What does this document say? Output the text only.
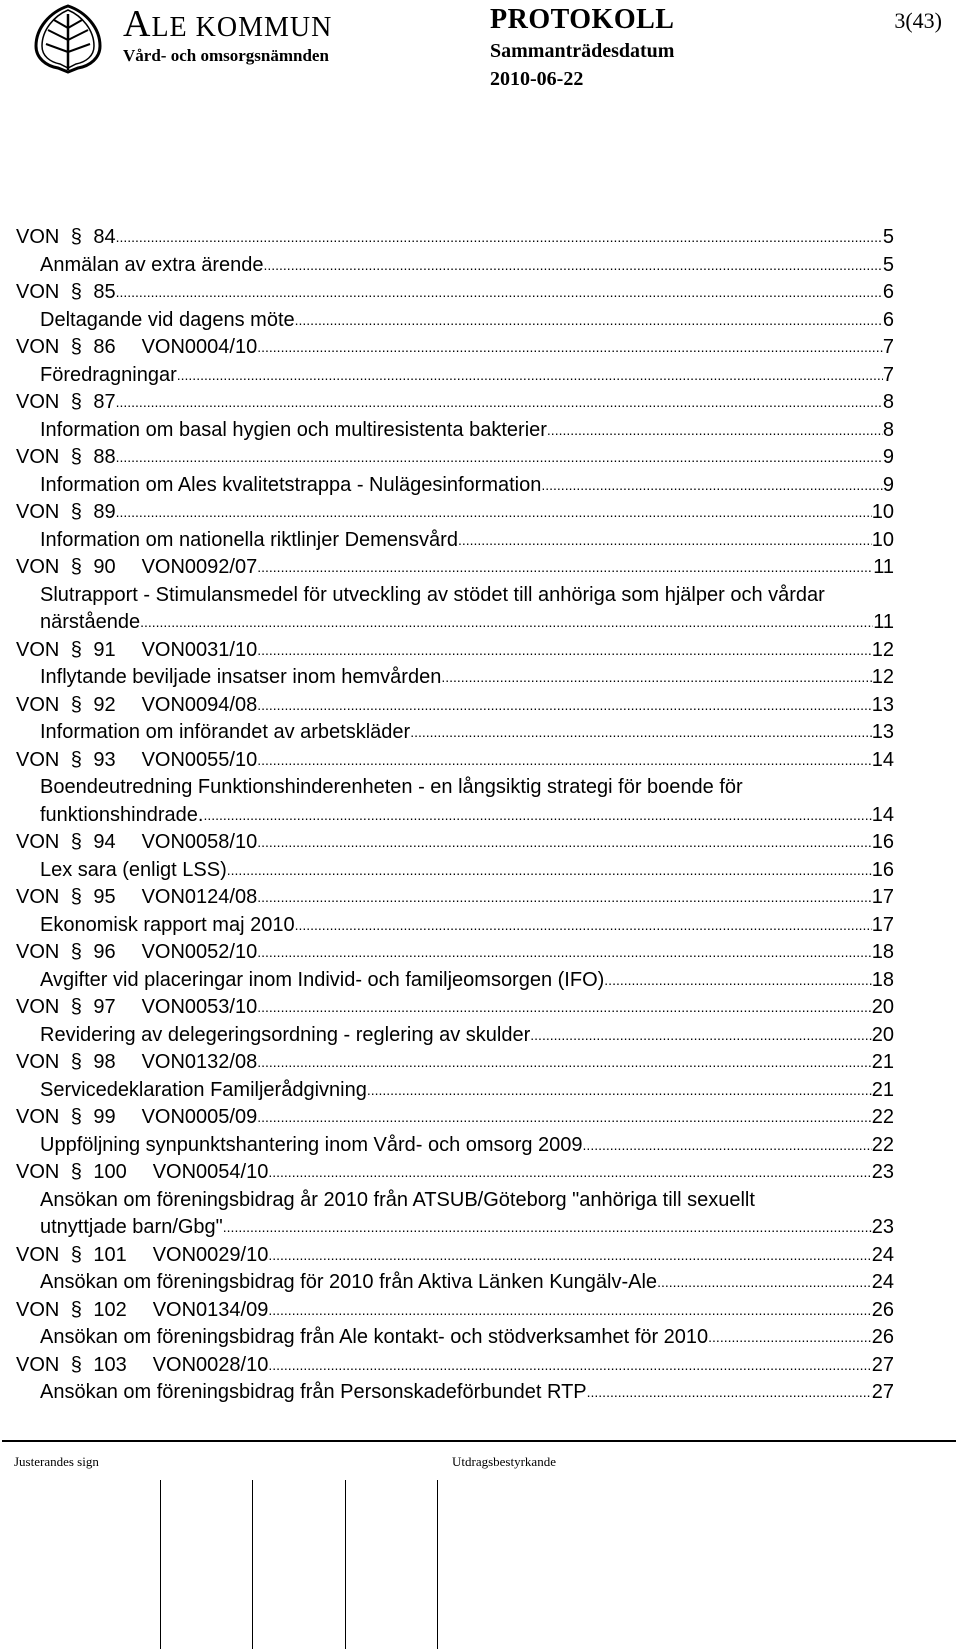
ALE KOMMUN
Vård- och omsorgsnämnden
PROTOKOLL
Sammanträdesdatum
2010-06-22
3(43)
VON § 84 .....	5
Anmälan av extra ärende .....	5
VON § 85 .....	6
Deltagande vid dagens möte .....	6
VON § 86 VON0004/10 .....	7
Föredragningar .....	7
VON § 87 .....	8
Information om basal hygien och multiresistenta bakterier .....	8
VON § 88 .....	9
Information om Ales kvalitetstrappa - Nulägesinformation .....	9
VON § 89 .....	10
Information om nationella riktlinjer Demensvård .....	10
VON § 90 VON0092/07 .....	11
Slutrapport - Stimulansmedel för utveckling av stödet till anhöriga som hjälper och vårdar
närstående .....	11
VON § 91 VON0031/10 .....	12
Inflytande beviljade insatser inom hemvården .....	12
VON § 92 VON0094/08 .....	13
Information om införandet av arbetskläder .....	13
VON § 93 VON0055/10 .....	14
Boendeutredning Funktionshinderenheten - en långsiktig strategi för boende för
funktionshindrade. .....	14
VON § 94 VON0058/10 .....	16
Lex sara (enligt LSS) .....	16
VON § 95 VON0124/08 .....	17
Ekonomisk rapport maj 2010 .....	17
VON § 96 VON0052/10 .....	18
Avgifter vid placeringar inom Individ- och familjeomsorgen (IFO) .....	18
VON § 97 VON0053/10 .....	20
Revidering av delegeringsordning - reglering av skulder .....	20
VON § 98 VON0132/08 .....	21
Servicedeklaration Familjerådgivning .....	21
VON § 99 VON0005/09 .....	22
Uppföljning synpunktshantering inom Vård- och omsorg 2009 .....	22
VON § 100 VON0054/10 .....	23
Ansökan om föreningsbidrag år 2010 från ATSUB/Göteborg "anhöriga till sexuellt
utnyttjade barn/Gbg" .....	23
VON § 101 VON0029/10 .....	24
Ansökan om föreningsbidrag för 2010 från Aktiva Länken Kungälv-Ale .....	24
VON § 102 VON0134/09 .....	26
Ansökan om föreningsbidrag från Ale kontakt- och stödverksamhet för 2010 .....	26
VON § 103 VON0028/10 .....	27
Ansökan om föreningsbidrag från Personskadeförbundet RTP .....	27
Justerandes sign	Utdragsbestyrkande
